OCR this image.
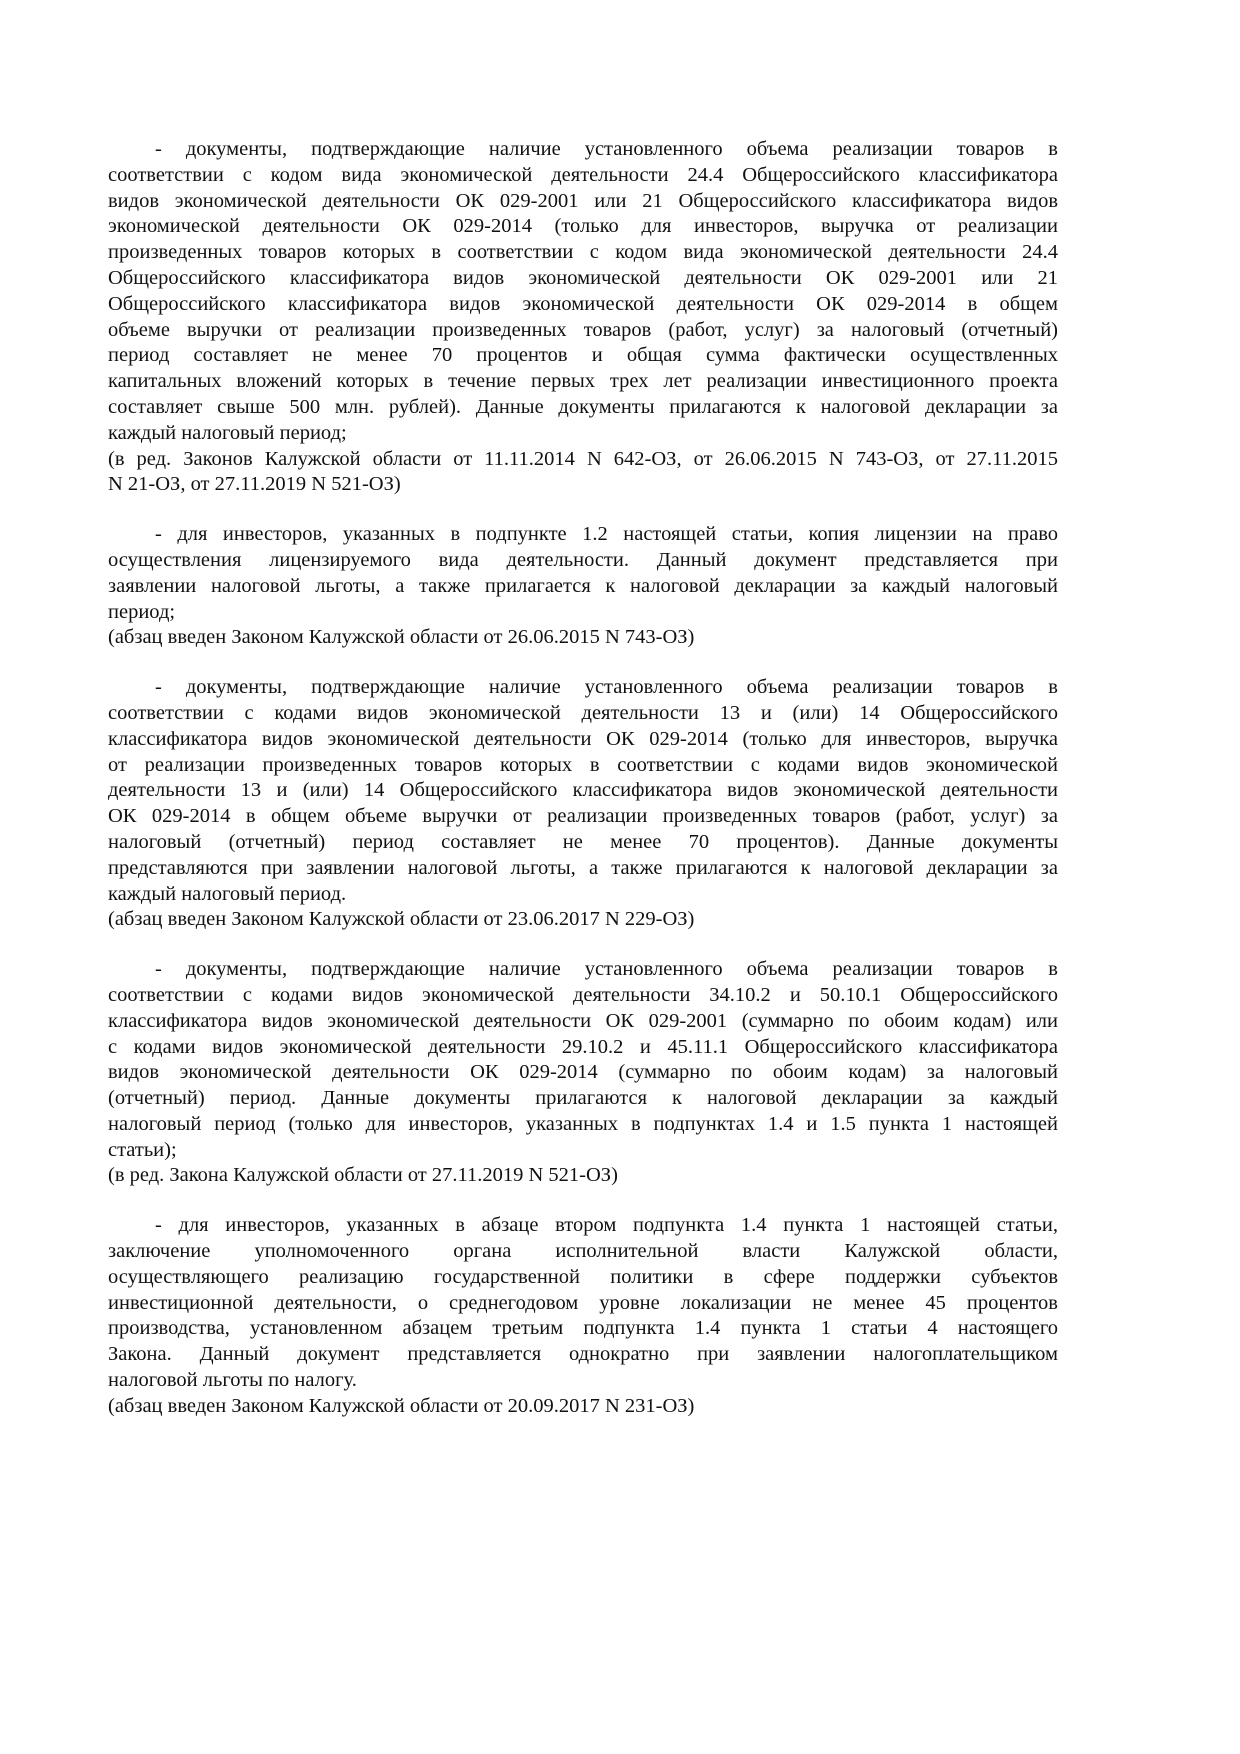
- документы, подтверждающие наличие установленного объема реализации товаров в
соответствии с кодом вида экономической деятельности 24.4 Общероссийского классификатора
видов экономической деятельности ОК 029-2001 или 21 Общероссийского классификатора видов
экономической деятельности ОК 029-2014 (только для инвесторов, выручка от реализации
произведенных товаров которых в соответствии с кодом вида экономической деятельности 24.4
Общероссийского классификатора видов экономической деятельности ОК 029-2001 или 21
Общероссийского классификатора видов экономической деятельности ОК 029-2014 в общем
объеме выручки от реализации произведенных товаров (работ, услуг) за налоговый (отчетный)
период составляет не менее 70 процентов и общая сумма фактически осуществленных
капитальных вложений которых в течение первых трех лет реализации инвестиционного проекта
составляет свыше 500 млн. рублей). Данные документы прилагаются к налоговой декларации за
каждый налоговый период;
(в ред. Законов Калужской области от 11.11.2014 N 642-ОЗ, от 26.06.2015 N 743-ОЗ, от 27.11.2015
N 21-ОЗ, от 27.11.2019 N 521-ОЗ)
- для инвесторов, указанных в подпункте 1.2 настоящей статьи, копия лицензии на право
осуществления лицензируемого вида деятельности. Данный документ представляется при
заявлении налоговой льготы, а также прилагается к налоговой декларации за каждый налоговый
период;
(абзац введен Законом Калужской области от 26.06.2015 N 743-ОЗ)
- документы, подтверждающие наличие установленного объема реализации товаров в
соответствии с кодами видов экономической деятельности 13 и (или) 14 Общероссийского
классификатора видов экономической деятельности ОК 029-2014 (только для инвесторов, выручка
от реализации произведенных товаров которых в соответствии с кодами видов экономической
деятельности 13 и (или) 14 Общероссийского классификатора видов экономической деятельности
ОК 029-2014 в общем объеме выручки от реализации произведенных товаров (работ, услуг) за
налоговый (отчетный) период составляет не менее 70 процентов). Данные документы
представляются при заявлении налоговой льготы, а также прилагаются к налоговой декларации за
каждый налоговый период.
(абзац введен Законом Калужской области от 23.06.2017 N 229-ОЗ)
- документы, подтверждающие наличие установленного объема реализации товаров в
соответствии с кодами видов экономической деятельности 34.10.2 и 50.10.1 Общероссийского
классификатора видов экономической деятельности ОК 029-2001 (суммарно по обоим кодам) или
с кодами видов экономической деятельности 29.10.2 и 45.11.1 Общероссийского классификатора
видов экономической деятельности ОК 029-2014 (суммарно по обоим кодам) за налоговый
(отчетный) период. Данные документы прилагаются к налоговой декларации за каждый
налоговый период (только для инвесторов, указанных в подпунктах 1.4 и 1.5 пункта 1 настоящей
статьи);
(в ред. Закона Калужской области от 27.11.2019 N 521-ОЗ)
- для инвесторов, указанных в абзаце втором подпункта 1.4 пункта 1 настоящей статьи,
заключение уполномоченного органа исполнительной власти Калужской области,
осуществляющего реализацию государственной политики в сфере поддержки субъектов
инвестиционной деятельности, о среднегодовом уровне локализации не менее 45 процентов
производства, установленном абзацем третьим подпункта 1.4 пункта 1 статьи 4 настоящего
Закона. Данный документ представляется однократно при заявлении налогоплательщиком
налоговой льготы по налогу.
(абзац введен Законом Калужской области от 20.09.2017 N 231-ОЗ)
